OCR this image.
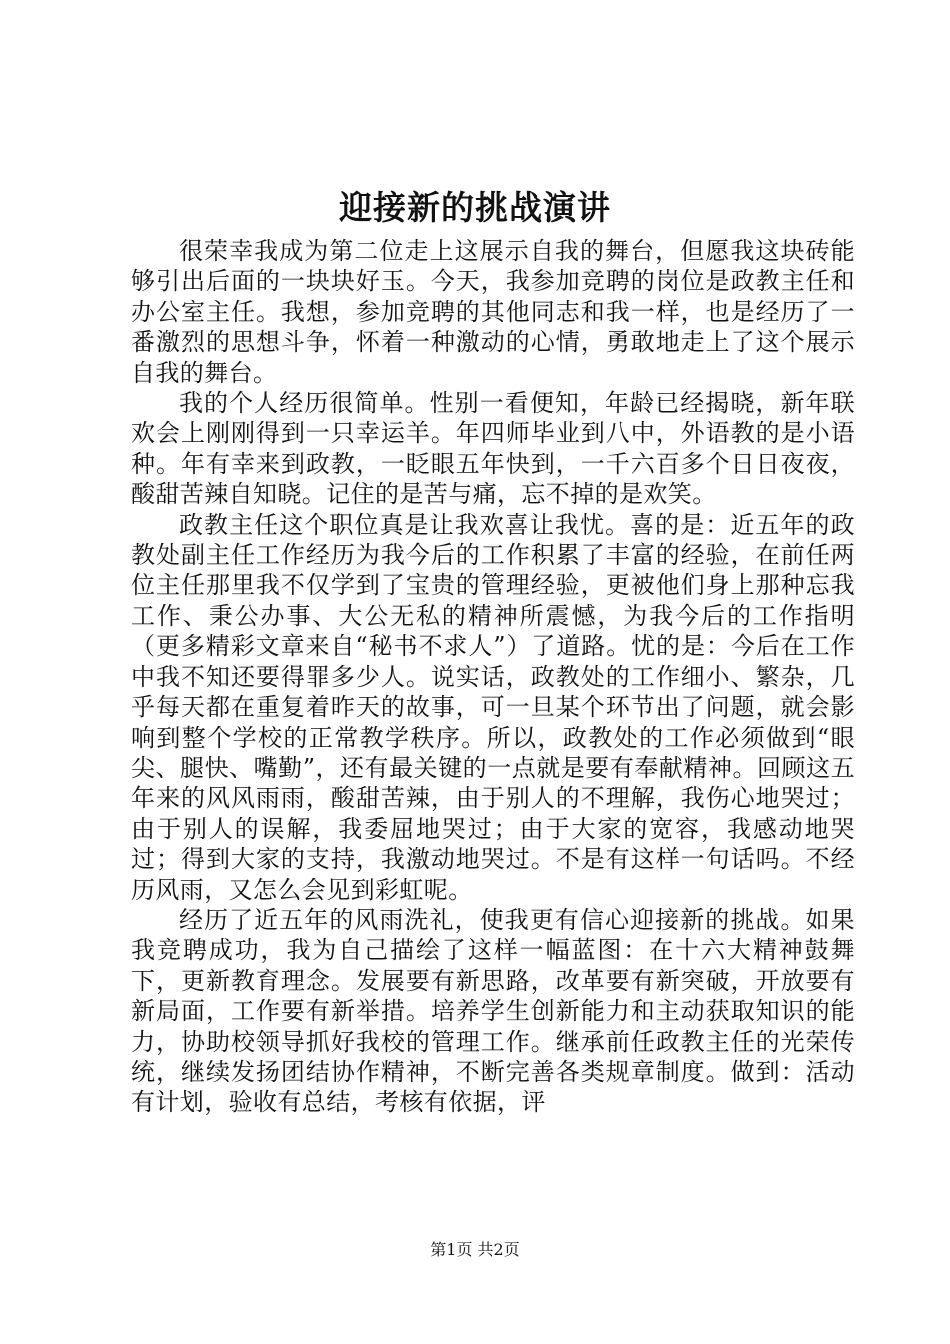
迎接新的挑战演讲

很荣幸我成为第二位走上这展示自我的舞台，但愿我这块砖能够引出后面的一块块好玉。今天，我参加竞聘的岗位是政教主任和办公室主任。我想，参加竞聘的其他同志和我一样，也是经历了一番激烈的思想斗争，怀着一种激动的心情，勇敢地走上了这个展示自我的舞台。

我的个人经历很简单。性别一看便知，年龄已经揭晓，新年联欢会上刚刚得到一只幸运羊。年四师毕业到八中，外语教的是小语种。年有幸来到政教，一眨眼五年快到，一千六百多个日日夜夜，酸甜苦辣自知晓。记住的是苦与痛，忘不掉的是欢笑。

政教主任这个职位真是让我欢喜让我忧。喜的是：近五年的政教处副主任工作经历为我今后的工作积累了丰富的经验，在前任两位主任那里我不仅学到了宝贵的管理经验，更被他们身上那种忘我工作、秉公办事、大公无私的精神所震憾，为我今后的工作指明（更多精彩文章来自“秘书不求人”）了道路。忧的是：今后在工作中我不知还要得罪多少人。说实话，政教处的工作细小、繁杂，几乎每天都在重复着昨天的故事，可一旦某个环节出了问题，就会影响到整个学校的正常教学秩序。所以，政教处的工作必须做到“眼尖、腿快、嘴勤”，还有最关键的一点就是要有奉献精神。回顾这五年来的风风雨雨，酸甜苦辣，由于别人的不理解，我伤心地哭过；由于别人的误解，我委屈地哭过；由于大家的宽容，我感动地哭过；得到大家的支持，我激动地哭过。不是有这样一句话吗。不经历风雨，又怎么会见到彩虹呢。

经历了近五年的风雨洗礼，使我更有信心迎接新的挑战。如果我竞聘成功，我为自己描绘了这样一幅蓝图：在十六大精神鼓舞下，更新教育理念。发展要有新思路，改革要有新突破，开放要有新局面，工作要有新举措。培养学生创新能力和主动获取知识的能力，协助校领导抓好我校的管理工作。继承前任政教主任的光荣传统，继续发扬团结协作精神，不断完善各类规章制度。做到：活动有计划，验收有总结，考核有依据，评

第1页 共2页
